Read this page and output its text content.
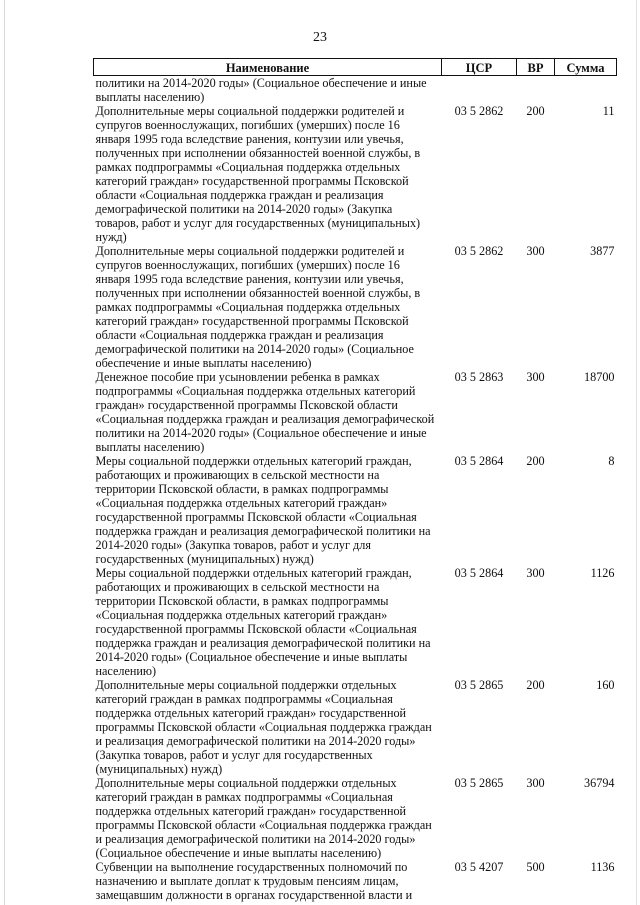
23
Наименование	ЦСР	ВР	Сумма
политики на 2014-2020 годы» (Социальное обеспечение и иные выплаты населению)			
Дополнительные меры социальной поддержки родителей и супругов военнослужащих, погибших (умерших) после 16 января 1995 года вследствие ранения, контузии или увечья, полученных при исполнении обязанностей военной службы, в рамках подпрограммы «Социальная поддержка отдельных категорий граждан» государственной программы Псковской области «Социальная поддержка граждан и реализация демографической политики на 2014-2020 годы» (Закупка товаров, работ и услуг для государственных (муниципальных) нужд)	03 5 2862	200	11
Дополнительные меры социальной поддержки родителей и супругов военнослужащих, погибших (умерших) после 16 января 1995 года вследствие ранения, контузии или увечья, полученных при исполнении обязанностей военной службы, в рамках подпрограммы «Социальная поддержка отдельных категорий граждан» государственной программы Псковской области «Социальная поддержка граждан и реализация демографической политики на 2014-2020 годы» (Социальное обеспечение и иные выплаты населению)	03 5 2862	300	3877
Денежное пособие при усыновлении ребенка в рамках подпрограммы «Социальная поддержка отдельных категорий граждан» государственной программы Псковской области «Социальная поддержка граждан и реализация демографической политики на 2014-2020 годы» (Социальное обеспечение и иные выплаты населению)	03 5 2863	300	18700
Меры социальной поддержки отдельных категорий граждан, работающих и проживающих в сельской местности на территории Псковской области, в рамках подпрограммы «Социальная поддержка отдельных категорий граждан» государственной программы Псковской области «Социальная поддержка граждан и реализация демографической политики на 2014-2020 годы» (Закупка товаров, работ и услуг для государственных (муниципальных) нужд)	03 5 2864	200	8
Меры социальной поддержки отдельных категорий граждан, работающих и проживающих в сельской местности на территории Псковской области, в рамках подпрограммы «Социальная поддержка отдельных категорий граждан» государственной программы Псковской области «Социальная поддержка граждан и реализация демографической политики на 2014-2020 годы» (Социальное обеспечение и иные выплаты населению)	03 5 2864	300	1126
Дополнительные меры социальной поддержки отдельных категорий граждан в рамках подпрограммы «Социальная поддержка отдельных категорий граждан» государственной программы Псковской области «Социальная поддержка граждан и реализация демографической политики на 2014-2020 годы» (Закупка товаров, работ и услуг для государственных (муниципальных) нужд)	03 5 2865	200	160
Дополнительные меры социальной поддержки отдельных категорий граждан в рамках подпрограммы «Социальная поддержка отдельных категорий граждан» государственной программы Псковской области «Социальная поддержка граждан и реализация демографической политики на 2014-2020 годы» (Социальное обеспечение и иные выплаты населению)	03 5 2865	300	36794
Субвенции на выполнение государственных полномочий по назначению и выплате доплат к трудовым пенсиям лицам, замещавшим должности в органах государственной власти и	03 5 4207	500	1136
